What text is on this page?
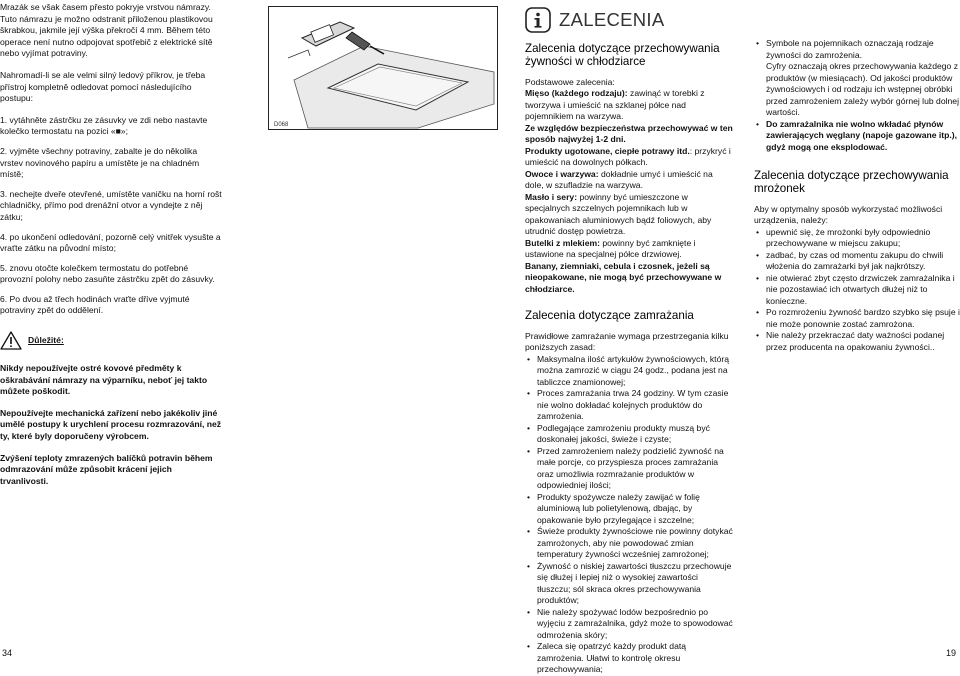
Mrazák se však časem přesto pokryje vrstvou námrazy. Tuto námrazu je možno odstranit přiloženou plastikovou škrabkou, jakmile její výška překročí 4 mm. Během této operace není nutno odpojovat spotřebič z elektrické sítě nebo vyjímat potraviny.

Nahromadí-li se ale velmi silný ledový příkrov, je třeba přístroj kompletně odledovat pomocí následujícího postupu:

1. vytáhněte zástrčku ze zásuvky ve zdi nebo nastavte kolečko termostatu na pozici «■»;
2. vyjměte všechny potraviny, zabalte je do několika vrstev novinového papíru a umístěte je na chladném místě;
3. nechejte dveře otevřené, umístěte vaničku na horní rošt chladničky, přímo pod drenážní otvor a vyndejte z něj zátku;
4. po ukončení odledování, pozorně celý vnitřek vysušte a vraťte zátku na původní místo;
5. znovu otočte kolečkem termostatu do potřebné provozní polohy nebo zasuňte zástrčku zpět do zásuvky.
6. Po dvou až třech hodinách vraťte dříve vyjmuté potraviny zpět do oddělení.
Důležité:

Nikdy nepoužívejte ostré kovové předměty k oškrabávání námrazy na výparníku, neboť jej takto můžete poškodit.

Nepoužívejte mechanická zařízení nebo jakékoliv jiné umělé postupy k urychlení procesu rozmrazování, než ty, které byly doporučeny výrobcem.

Zvýšení teploty zmrazených balíčků potravin během odmrazování může způsobit krácení jejich trvanlivosti.

D068
ZALECENIA
Zalecenia dotyczące przechowywania żywności w chłodziarce

Podstawowe zalecenia:

Mięso (każdego rodzaju): zawinąć w torebki z tworzywa i umieścić na szklanej półce nad pojemnikiem na warzywa.

Ze względów bezpieczeństwa przechowywać w ten sposób najwyżej 1-2 dni.

Produkty ugotowane, ciepłe potrawy itd.: przykryć i umieścić na dowolnych półkach.

Owoce i warzywa: dokładnie umyć i umieścić na dole, w szufladzie na warzywa.

Masło i sery: powinny być umieszczone w specjalnych szczelnych pojemnikach lub w opakowaniach aluminiowych bądź foliowych, aby utrudnić dostęp powietrza.

Butelki z mlekiem: powinny być zamknięte i ustawione na specjalnej półce drzwiowej.

Banany, ziemniaki, cebula i czosnek, jeżeli są nieopakowane, nie mogą być przechowywane w chłodziarce.

Zalecenia dotyczące zamrażania

Prawidłowe zamrażanie wymaga przestrzegania kilku poniższych zasad:

• Maksymalna ilość artykułów żywnościowych, którą można zamrozić w ciągu 24 godz., podana jest na tabliczce znamionowej;
• Proces zamrażania trwa 24 godziny. W tym czasie nie wolno dokładać kolejnych produktów do zamrożenia.
• Podlegające zamrożeniu produkty muszą być doskonałej jakości, świeże i czyste;
• Przed zamrożeniem należy podzielić żywność na małe porcje, co przyspiesza proces zamrażania oraz umożliwia rozmrażanie produktów w odpowiedniej ilości;
• Produkty spożywcze należy zawijać w folię aluminiową lub polietylenową, dbając, by opakowanie było przylegające i szczelne;
• Świeże produkty żywnościowe nie powinny dotykać zamrożonych, aby nie powodować zmian temperatury żywności wcześniej zamrożonej;
• Żywność o niskiej zawartości tłuszczu przechowuje się dłużej i lepiej niż o wysokiej zawartości tłuszczu; sól skraca okres przechowywania produktów;
• Nie należy spożywać lodów bezpośrednio po wyjęciu z zamrażalnika, gdyż może to spowodować odmrożenia skóry;
• Zaleca się opatrzyć każdy produkt datą zamrożenia. Ułatwi to kontrolę okresu przechowywania;
• Symbole na pojemnikach oznaczają rodzaje żywności do zamrożenia.
Cyfry oznaczają okres przechowywania każdego z produktów (w miesiącach). Od jakości produktów żywnościowych i od rodzaju ich wstępnej obróbki przed zamrożeniem zależy wybór górnej lub dolnej wartości.
• Do zamrażalnika nie wolno wkładać płynów zawierających węglany (napoje gazowane itp.), gdyż mogą one eksplodować.
Zalecenia dotyczące przechowywania mrożonek

Aby w optymalny sposób wykorzystać możliwości urządzenia, należy:

• upewnić się, że mrożonki były odpowiednio przechowywane w miejscu zakupu;
• zadbać, by czas od momentu zakupu do chwili włożenia do zamrażarki był jak najkrótszy.
• nie otwierać zbyt często drzwiczek zamrażalnika i nie pozostawiać ich otwartych dłużej niż to konieczne.
• Po rozmrożeniu żywność bardzo szybko się psuje i nie może ponownie zostać zamrożona.
• Nie należy przekraczać daty ważności podanej przez producenta na opakowaniu żywności..
34	19
